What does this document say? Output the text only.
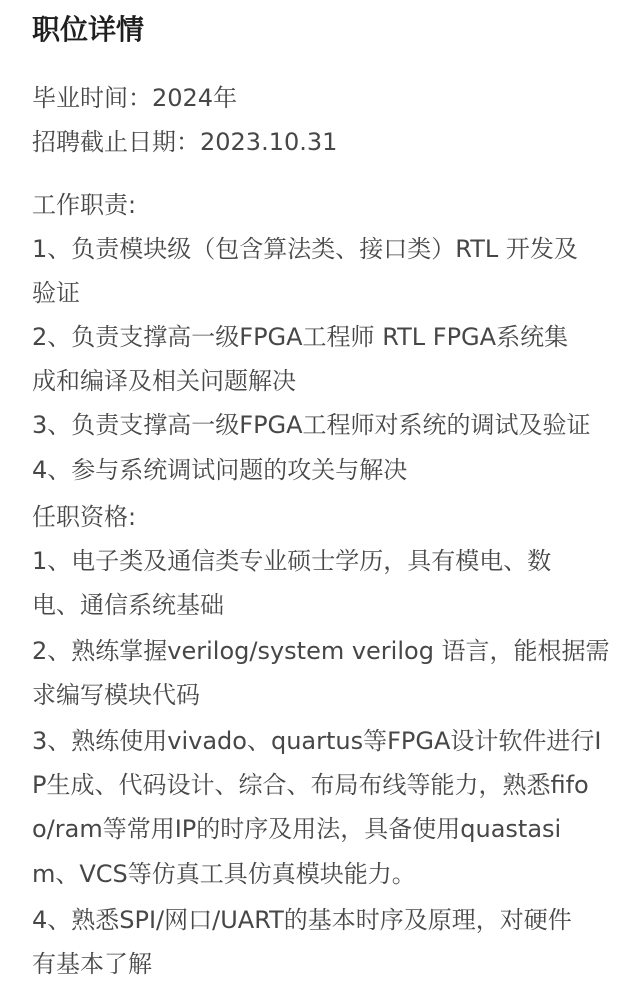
职位详情
毕业时间：2024年
招聘截止日期：2023.10.31
工作职责:
1、负责模块级（包含算法类、接口类）RTL 开发及
验证
2、负责支撑高一级FPGA工程师 RTL FPGA系统集
成和编译及相关问题解决
3、负责支撑高一级FPGA工程师对系统的调试及验证
4、参与系统调试问题的攻关与解决
任职资格:
1、电子类及通信类专业硕士学历，具有模电、数
电、通信系统基础
2、熟练掌握verilog/system verilog 语言，能根据需
求编写模块代码
3、熟练使用vivado、quartus等FPGA设计软件进行I
P生成、代码设计、综合、布局布线等能力，熟悉fifo
o/ram等常用IP的时序及用法，具备使用quastasi
m、VCS等仿真工具仿真模块能力。
4、熟悉SPI/网口/UART的基本时序及原理，对硬件
有基本了解
